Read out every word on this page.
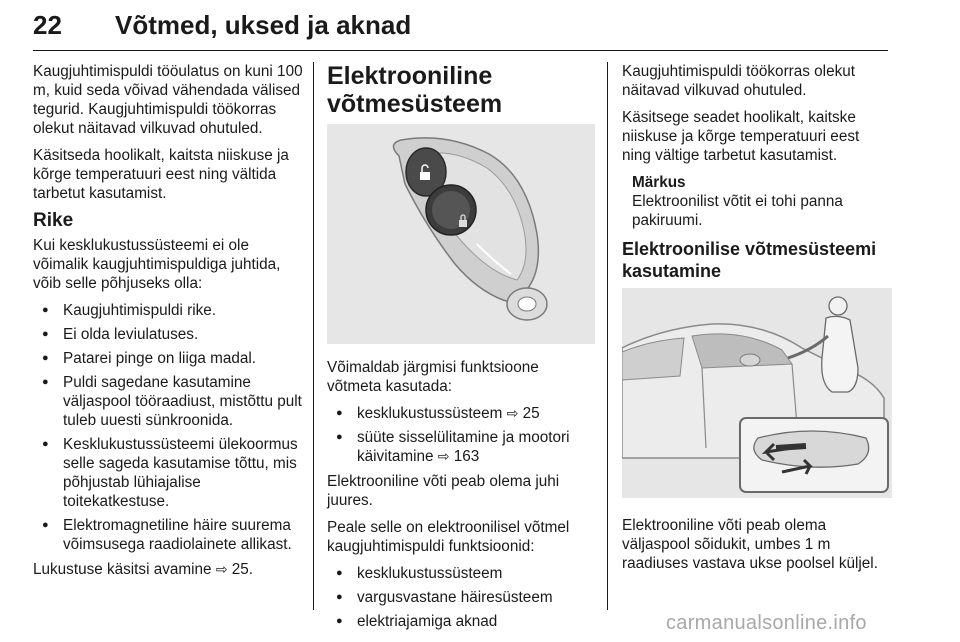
22 Võtmed, uksed ja aknad

Kaugjuhtimispuldi tööulatus on kuni 100 m, kuid seda võivad vähendada välised tegurid. Kaugjuhtimispuldi töökorras olekut näitavad vilkuvad ohutuled.

Käsitseda hoolikalt, kaitsta niiskuse ja kõrge temperatuuri eest ning vältida tarbetut kasutamist.

Rike

Kui kesklukustussüsteemi ei ole võimalik kaugjuhtimispuldiga juhtida, võib selle põhjuseks olla:

● Kaugjuhtimispuldi rike.
● Ei olda leviulatuses.
● Patarei pinge on liiga madal.
● Puldi sagedane kasutamine väljaspool tööraadiust, mistõttu pult tuleb uuesti sünkroonida.
● Kesklukustussüsteemi ülekoormus selle sageda kasutamise tõttu, mis põhjustab lühiajalise toitekatkestuse.
● Elektromagnetiline häire suurema võimsusega raadiolainete allikast.

Lukustuse käsitsi avamine ⇨ 25.

Elektrooniline võtmesüsteem

Võimaldab järgmisi funktsioone võtmeta kasutada:

● kesklukustussüsteem ⇨ 25
● süüte sisselülitamine ja mootori käivitamine ⇨ 163

Elektrooniline võti peab olema juhi juures.

Peale selle on elektroonilisel võtmel kaugjuhtimispuldi funktsioonid:

● kesklukustussüsteem
● vargusvastane häiresüsteem
● elektriajamiga aknad

Kaugjuhtimispuldi töökorras olekut näitavad vilkuvad ohutuled.

Käsitsege seadet hoolikalt, kaitske niiskuse ja kõrge temperatuuri eest ning vältige tarbetut kasutamist.

Märkus
Elektroonilist võtit ei tohi panna pakiruumi.
Elektroonilise võtmesüsteemi kasutamine

Elektrooniline võti peab olema väljaspool sõidukit, umbes 1 m raadiuses vastava ukse poolsel küljel.

carmanualsonline.info
